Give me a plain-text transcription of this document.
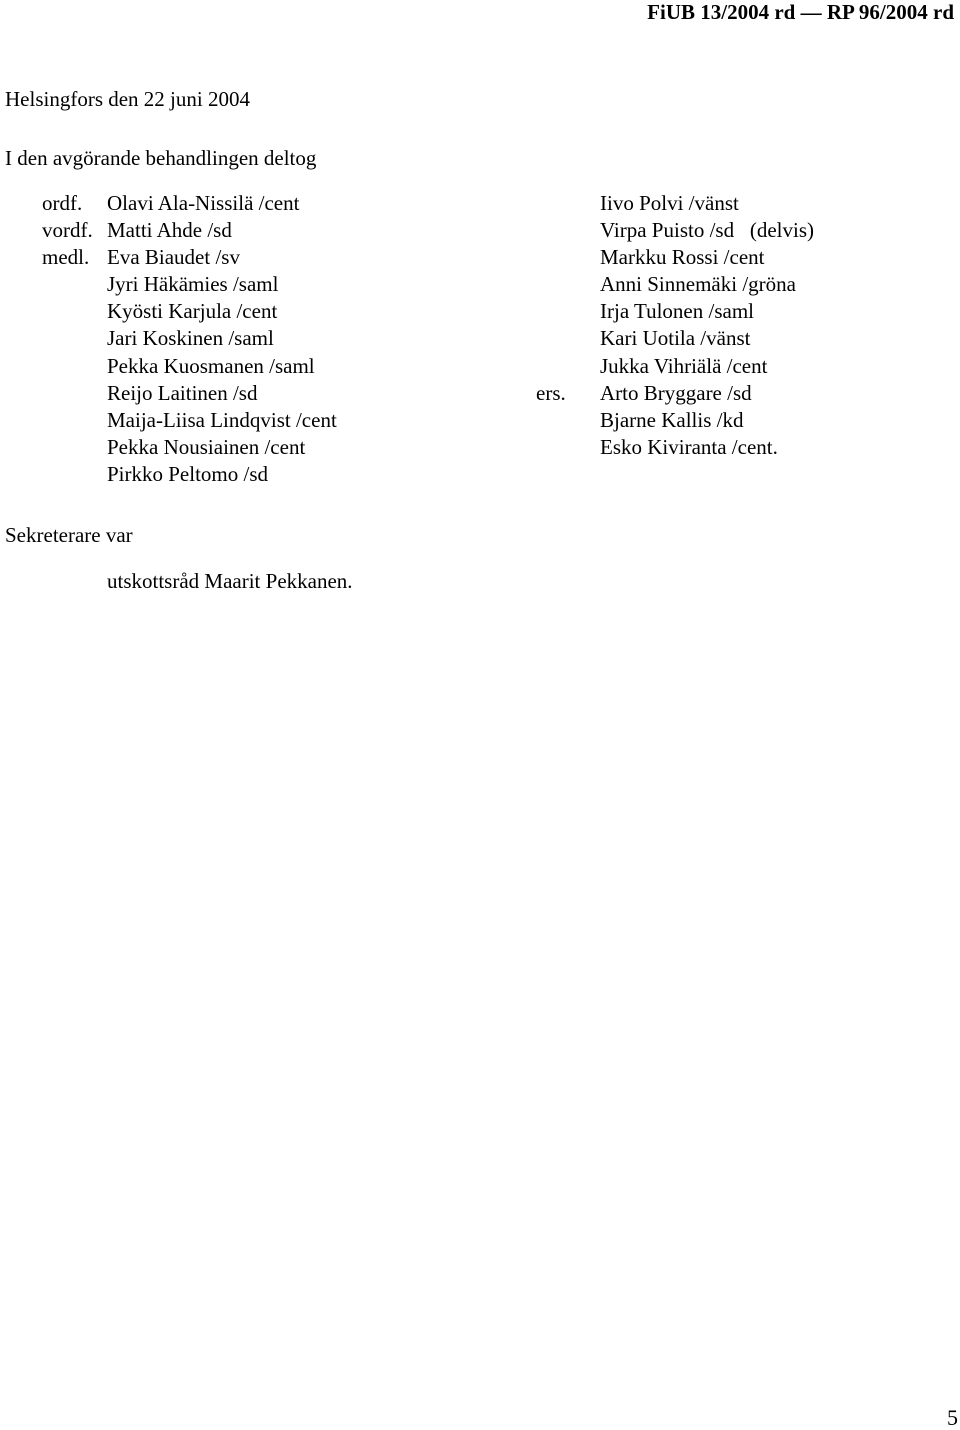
FiUB 13/2004 rd — RP 96/2004 rd
Helsingfors den 22 juni 2004
I den avgörande behandlingen deltog
ordf.
vordf.
medl.
ers.
Olavi Ala-Nissilä /cent
Matti Ahde /sd
Eva Biaudet /sv
Jyri Häkämies /saml
Kyösti Karjula /cent
Jari Koskinen /saml
Pekka Kuosmanen /saml
Reijo Laitinen /sd
Maija-Liisa Lindqvist /cent
Pekka Nousiainen /cent
Pirkko Peltomo /sd
Iivo Polvi /vänst
Virpa Puisto /sd   (delvis)
Markku Rossi /cent
Anni Sinnemäki /gröna
Irja Tulonen /saml
Kari Uotila /vänst
Jukka Vihriälä /cent
Arto Bryggare /sd
Bjarne Kallis /kd
Esko Kiviranta /cent.
Sekreterare var
utskottsråd Maarit Pekkanen.
5
